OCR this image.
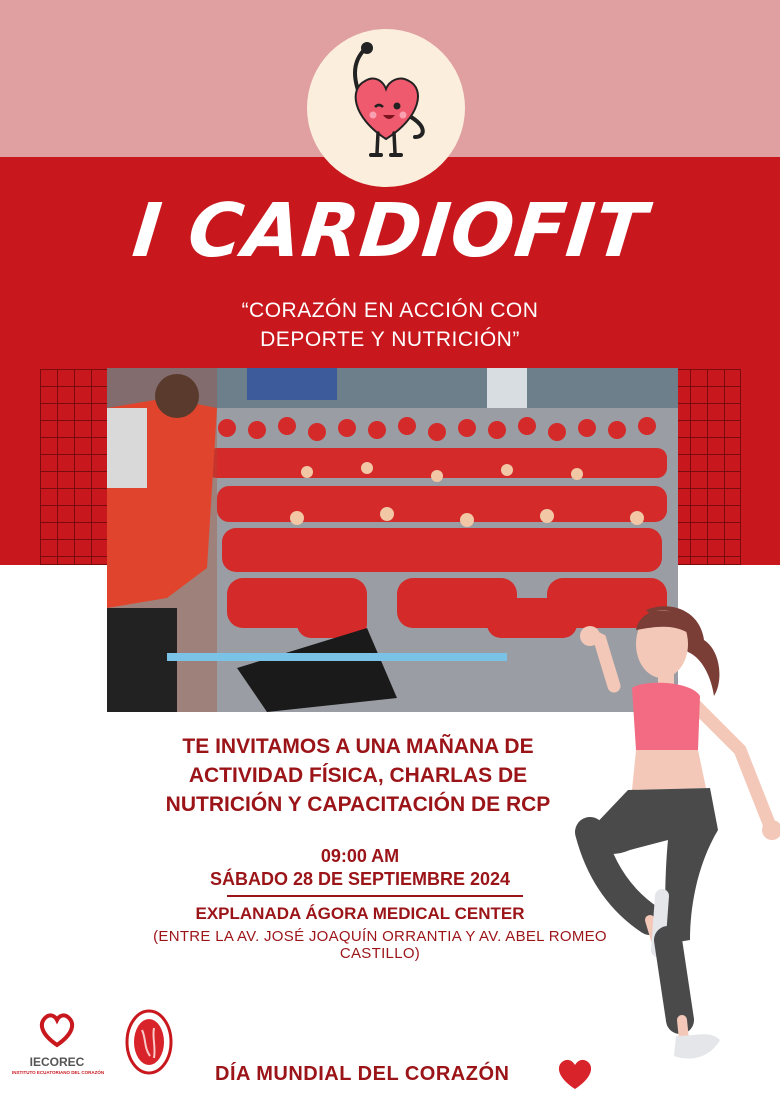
I CARDIOFIT
“CORAZÓN EN ACCIÓN CON
DEPORTE Y NUTRICIÓN”
TE INVITAMOS A UNA MAÑANA DE
ACTIVIDAD FÍSICA, CHARLAS DE
NUTRICIÓN Y CAPACITACIÓN DE RCP
09:00 AM
SÁBADO 28 DE SEPTIEMBRE 2024
EXPLANADA ÁGORA MEDICAL CENTER
(ENTRE LA AV. JOSÉ JOAQUÍN ORRANTIA Y AV. ABEL ROMEO CASTILLO)
IECOREC
INSTITUTO ECUATORIANO DEL CORAZÓN	DÍA MUNDIAL DEL CORAZÓN
